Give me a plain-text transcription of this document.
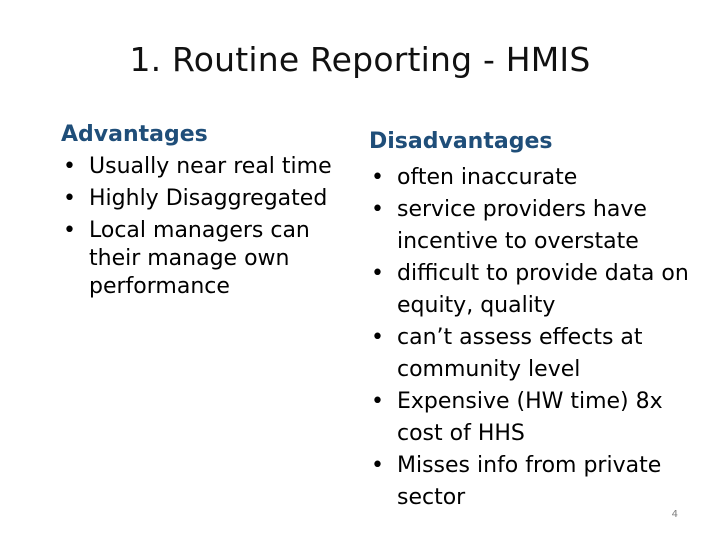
1. Routine Reporting - HMIS
Advantages
• Usually near real time
• Highly Disaggregated
• Local managers can their manage own performance
Disadvantages
• often inaccurate
• service providers have incentive to overstate
• difficult to provide data on equity, quality
• can’t assess effects at community level
• Expensive (HW time) 8x cost of HHS
• Misses info from private sector
4
